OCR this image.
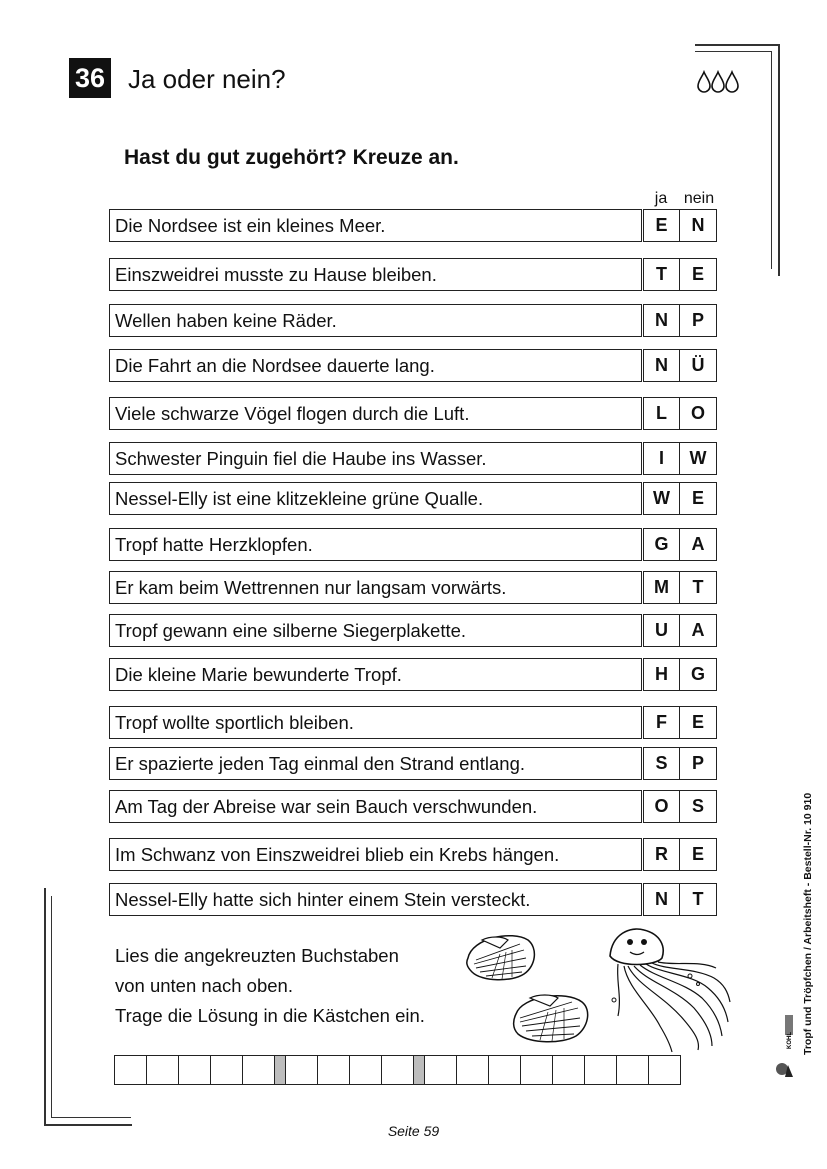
36 Ja oder nein?
Hast du gut zugehört? Kreuze an.
ja	nein
Die Nordsee ist ein kleines Meer.	E	N
Einszweidrei musste zu Hause bleiben.	T	E
Wellen haben keine Räder.	N	P
Die Fahrt an die Nordsee dauerte lang.	N	Ü
Viele schwarze Vögel flogen durch die Luft.	L	O
Schwester Pinguin fiel die Haube ins Wasser.	I	W
Nessel-Elly ist eine klitzekleine grüne Qualle.	W	E
Tropf hatte Herzklopfen.	G	A
Er kam beim Wettrennen nur langsam vorwärts.	M	T
Tropf gewann eine silberne Siegerplakette.	U	A
Die kleine Marie bewunderte Tropf.	H	G
Tropf wollte sportlich bleiben.	F	E
Er spazierte jeden Tag einmal den Strand entlang.	S	P
Am Tag der Abreise war sein Bauch verschwunden.	O	S
Im Schwanz von Einszweidrei blieb ein Krebs hängen.	R	E
Nessel-Elly hatte sich hinter einem Stein versteckt.	N	T
Lies die angekreuzten Buchstaben
von unten nach oben.
Trage die Lösung in die Kästchen ein.
Seite 59
KOHL Tropf und Tröpfchen / Arbeitsheft - Bestell-Nr. 10 910
